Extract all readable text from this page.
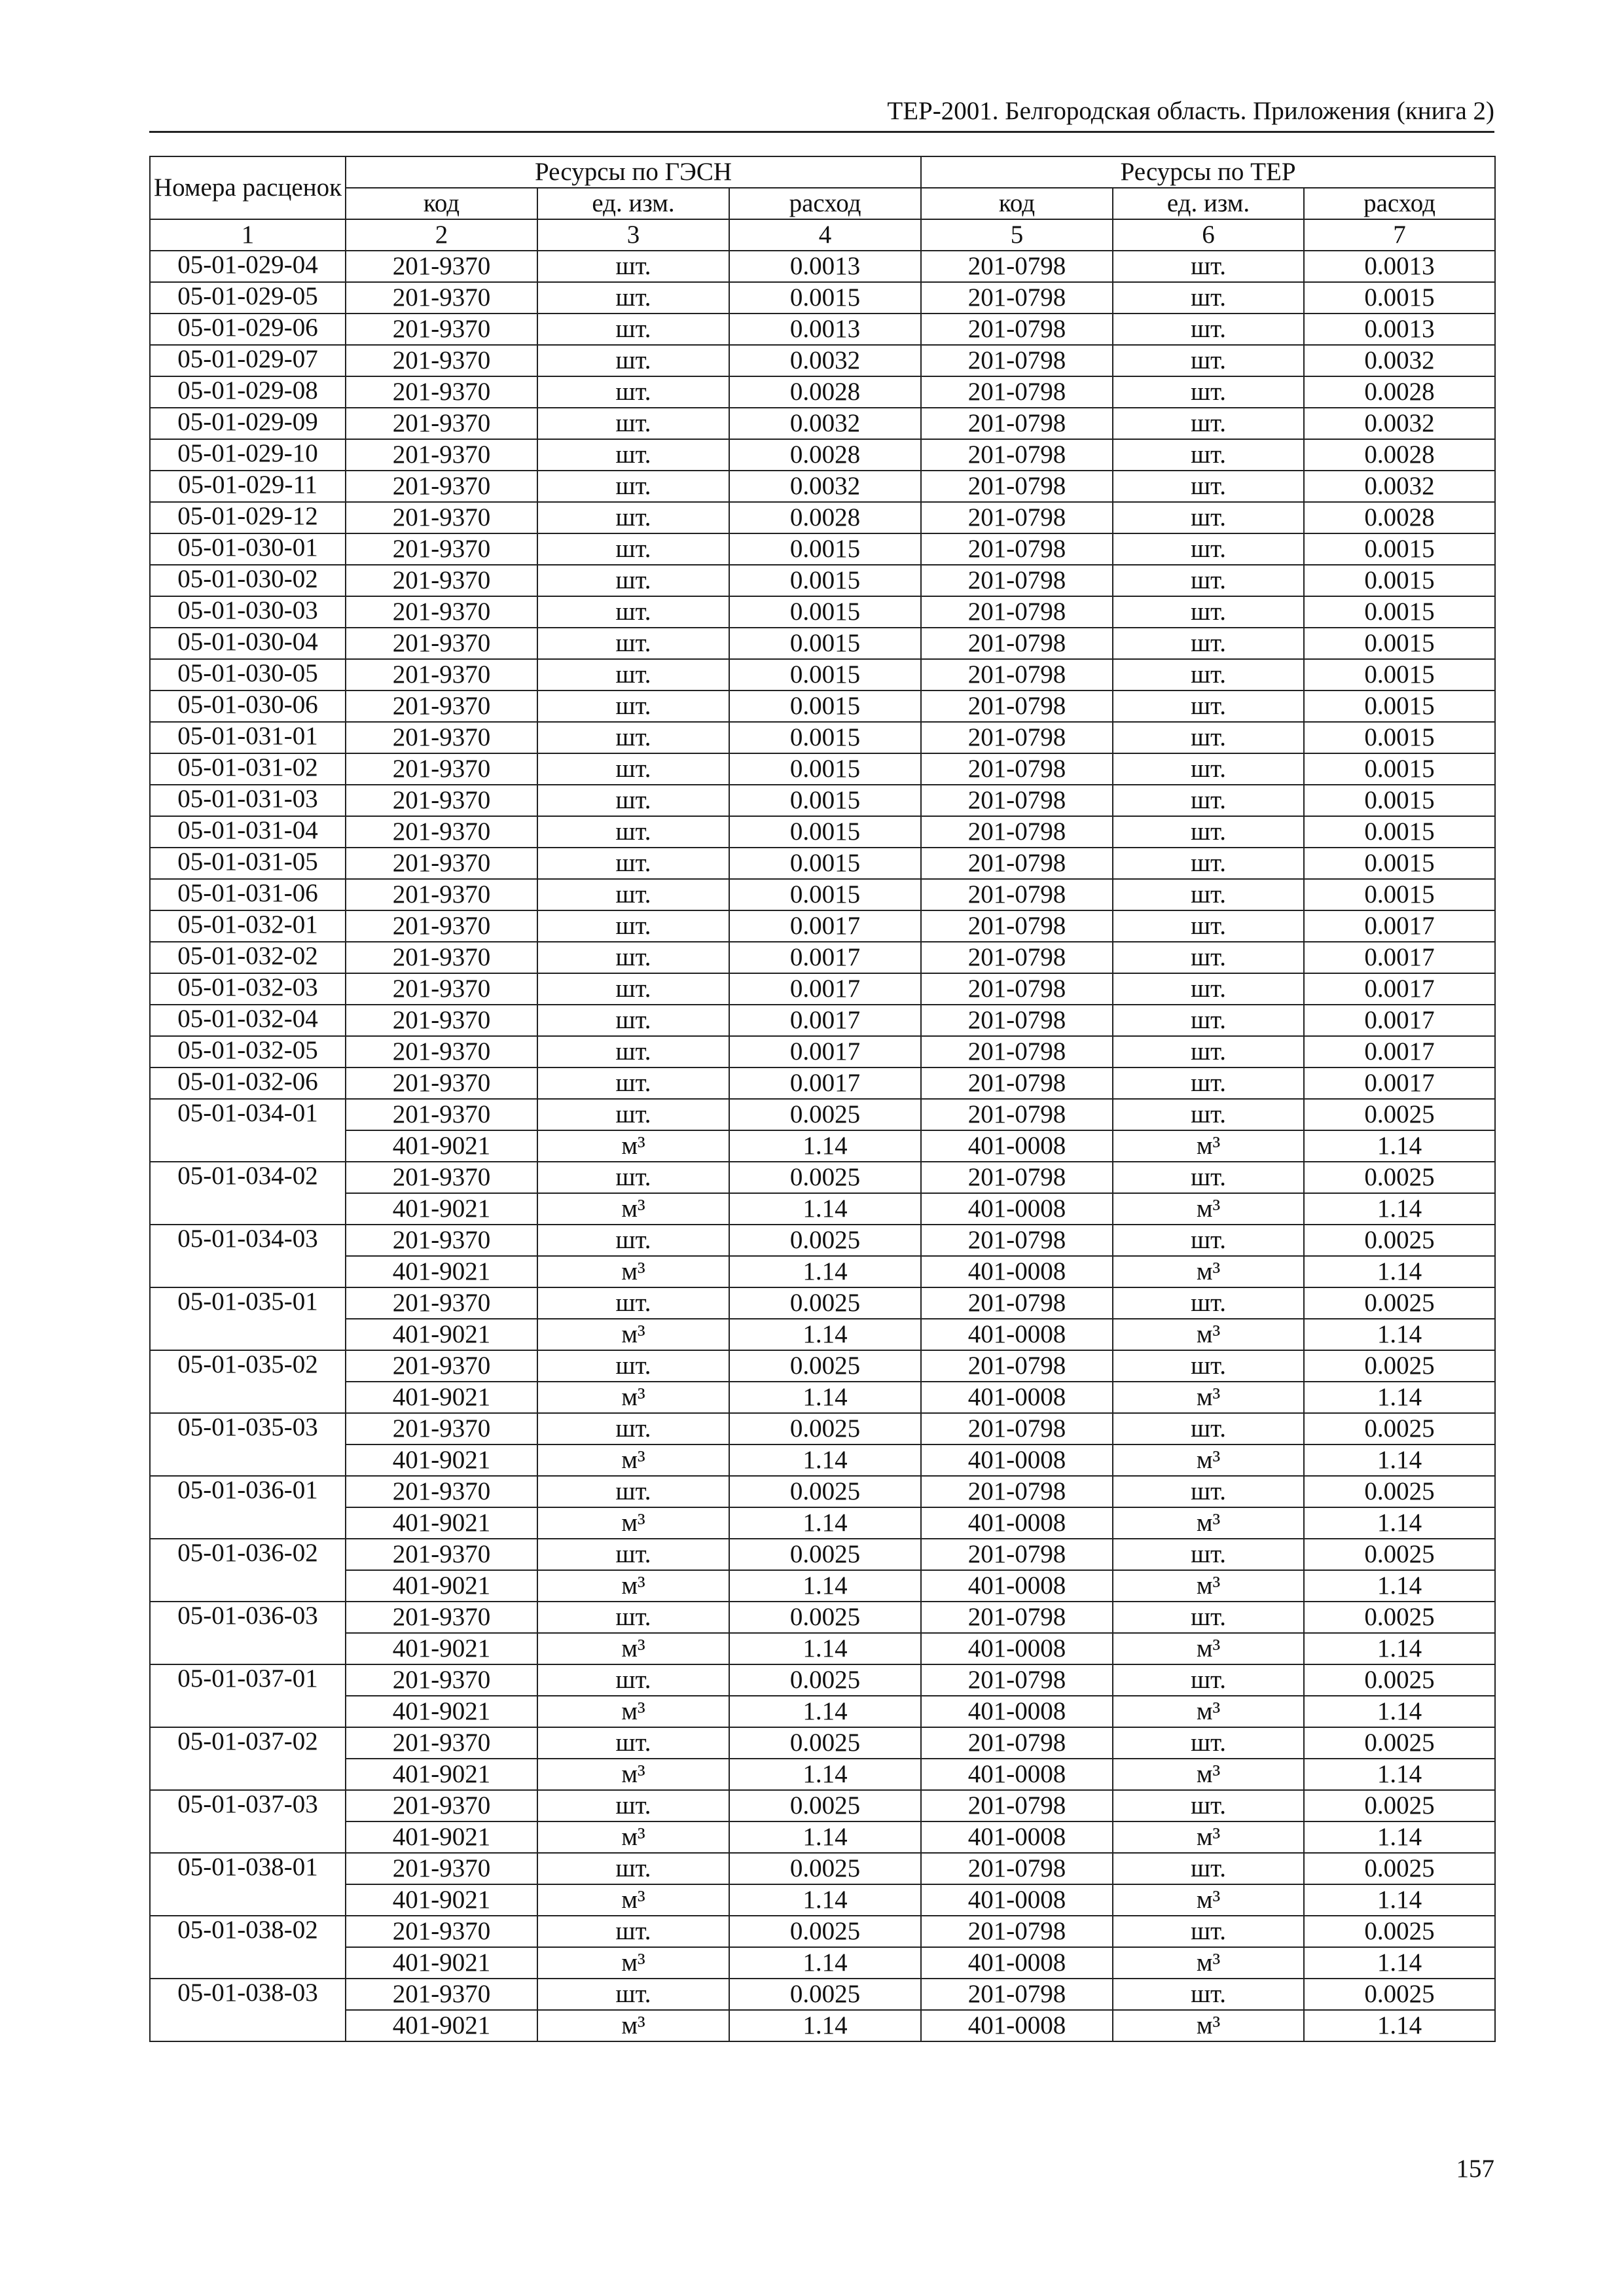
ТЕР-2001. Белгородская область. Приложения (книга 2)
Номера расценок	Ресурсы по ГЭСН			Ресурсы по ТЕР		
	код	ед. изм.	расход	код	ед. изм.	расход
1	2	3	4	5	6	7
05-01-029-04	201-9370	шт.	0.0013	201-0798	шт.	0.0013
05-01-029-05	201-9370	шт.	0.0015	201-0798	шт.	0.0015
05-01-029-06	201-9370	шт.	0.0013	201-0798	шт.	0.0013
05-01-029-07	201-9370	шт.	0.0032	201-0798	шт.	0.0032
05-01-029-08	201-9370	шт.	0.0028	201-0798	шт.	0.0028
05-01-029-09	201-9370	шт.	0.0032	201-0798	шт.	0.0032
05-01-029-10	201-9370	шт.	0.0028	201-0798	шт.	0.0028
05-01-029-11	201-9370	шт.	0.0032	201-0798	шт.	0.0032
05-01-029-12	201-9370	шт.	0.0028	201-0798	шт.	0.0028
05-01-030-01	201-9370	шт.	0.0015	201-0798	шт.	0.0015
05-01-030-02	201-9370	шт.	0.0015	201-0798	шт.	0.0015
05-01-030-03	201-9370	шт.	0.0015	201-0798	шт.	0.0015
05-01-030-04	201-9370	шт.	0.0015	201-0798	шт.	0.0015
05-01-030-05	201-9370	шт.	0.0015	201-0798	шт.	0.0015
05-01-030-06	201-9370	шт.	0.0015	201-0798	шт.	0.0015
05-01-031-01	201-9370	шт.	0.0015	201-0798	шт.	0.0015
05-01-031-02	201-9370	шт.	0.0015	201-0798	шт.	0.0015
05-01-031-03	201-9370	шт.	0.0015	201-0798	шт.	0.0015
05-01-031-04	201-9370	шт.	0.0015	201-0798	шт.	0.0015
05-01-031-05	201-9370	шт.	0.0015	201-0798	шт.	0.0015
05-01-031-06	201-9370	шт.	0.0015	201-0798	шт.	0.0015
05-01-032-01	201-9370	шт.	0.0017	201-0798	шт.	0.0017
05-01-032-02	201-9370	шт.	0.0017	201-0798	шт.	0.0017
05-01-032-03	201-9370	шт.	0.0017	201-0798	шт.	0.0017
05-01-032-04	201-9370	шт.	0.0017	201-0798	шт.	0.0017
05-01-032-05	201-9370	шт.	0.0017	201-0798	шт.	0.0017
05-01-032-06	201-9370	шт.	0.0017	201-0798	шт.	0.0017
05-01-034-01	201-9370	шт.	0.0025	201-0798	шт.	0.0025
	401-9021	м³	1.14	401-0008	м³	1.14
05-01-034-02	201-9370	шт.	0.0025	201-0798	шт.	0.0025
	401-9021	м³	1.14	401-0008	м³	1.14
05-01-034-03	201-9370	шт.	0.0025	201-0798	шт.	0.0025
	401-9021	м³	1.14	401-0008	м³	1.14
05-01-035-01	201-9370	шт.	0.0025	201-0798	шт.	0.0025
	401-9021	м³	1.14	401-0008	м³	1.14
05-01-035-02	201-9370	шт.	0.0025	201-0798	шт.	0.0025
	401-9021	м³	1.14	401-0008	м³	1.14
05-01-035-03	201-9370	шт.	0.0025	201-0798	шт.	0.0025
	401-9021	м³	1.14	401-0008	м³	1.14
05-01-036-01	201-9370	шт.	0.0025	201-0798	шт.	0.0025
	401-9021	м³	1.14	401-0008	м³	1.14
05-01-036-02	201-9370	шт.	0.0025	201-0798	шт.	0.0025
	401-9021	м³	1.14	401-0008	м³	1.14
05-01-036-03	201-9370	шт.	0.0025	201-0798	шт.	0.0025
	401-9021	м³	1.14	401-0008	м³	1.14
05-01-037-01	201-9370	шт.	0.0025	201-0798	шт.	0.0025
	401-9021	м³	1.14	401-0008	м³	1.14
05-01-037-02	201-9370	шт.	0.0025	201-0798	шт.	0.0025
	401-9021	м³	1.14	401-0008	м³	1.14
05-01-037-03	201-9370	шт.	0.0025	201-0798	шт.	0.0025
	401-9021	м³	1.14	401-0008	м³	1.14
05-01-038-01	201-9370	шт.	0.0025	201-0798	шт.	0.0025
	401-9021	м³	1.14	401-0008	м³	1.14
05-01-038-02	201-9370	шт.	0.0025	201-0798	шт.	0.0025
	401-9021	м³	1.14	401-0008	м³	1.14
05-01-038-03	201-9370	шт.	0.0025	201-0798	шт.	0.0025
	401-9021	м³	1.14	401-0008	м³	1.14
157
